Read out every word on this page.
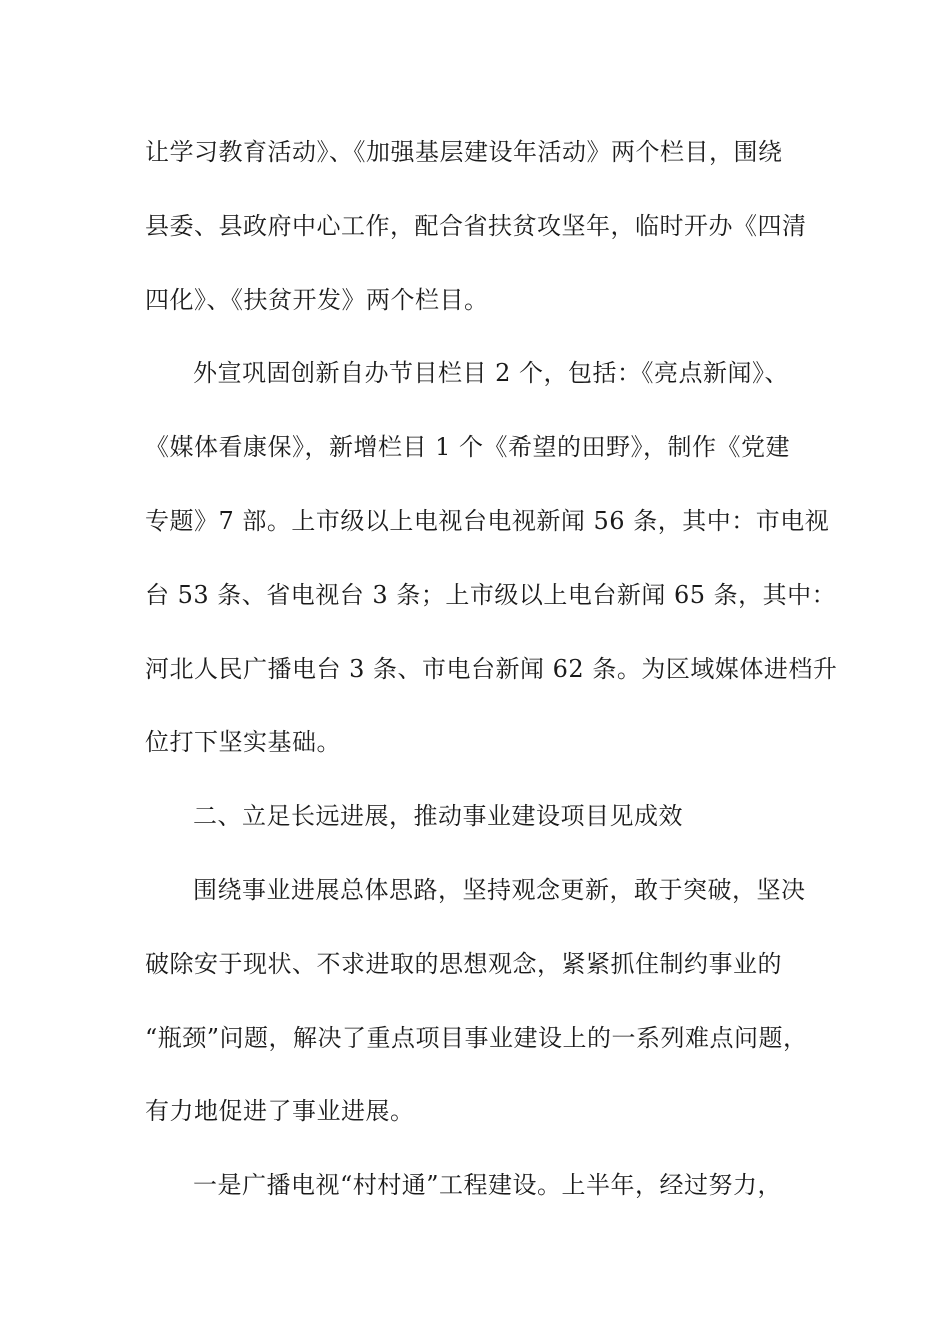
让学习教育活动》、《加强基层建设年活动》两个栏目，围绕
县委、县政府中心工作，配合省扶贫攻坚年，临时开办《四清
四化》、《扶贫开发》两个栏目。
外宣巩固创新自办节目栏目 2 个，包括：《亮点新闻》、
《媒体看康保》，新增栏目 1 个《希望的田野》，制作《党建
专题》7 部。上市级以上电视台电视新闻 56 条，其中：市电视
台 53 条、省电视台 3 条；上市级以上电台新闻 65 条，其中：
河北人民广播电台 3 条、市电台新闻 62 条。为区域媒体进档升
位打下坚实基础。
二、立足长远进展，推动事业建设项目见成效
围绕事业进展总体思路，坚持观念更新，敢于突破，坚决
破除安于现状、不求进取的思想观念，紧紧抓住制约事业的
“瓶颈”问题，解决了重点项目事业建设上的一系列难点问题，
有力地促进了事业进展。
一是广播电视“村村通”工程建设。上半年，经过努力，
